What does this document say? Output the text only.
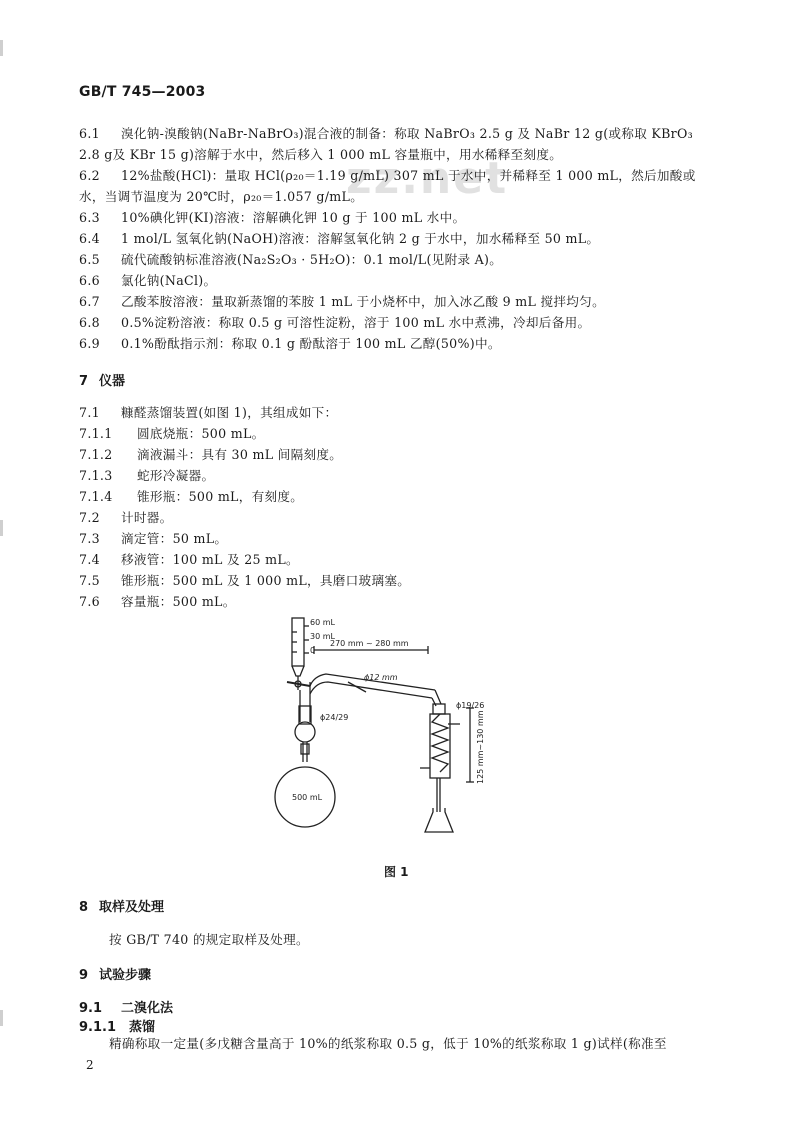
GB/T 745—2003
zz.net
6.1 溴化钠-溴酸钠(NaBr-NaBrO₃)混合液的制备：称取 NaBrO₃ 2.5 g 及 NaBr 12 g(或称取 KBrO₃
2.8 g及 KBr 15 g)溶解于水中，然后移入 1 000 mL 容量瓶中，用水稀释至刻度。
6.2 12%盐酸(HCl)：量取 HCl(ρ₂₀＝1.19 g/mL) 307 mL 于水中，并稀释至 1 000 mL，然后加酸或
水，当调节温度为 20℃时，ρ₂₀＝1.057 g/mL。
6.3 10%碘化钾(KI)溶液：溶解碘化钾 10 g 于 100 mL 水中。
6.4 1 mol/L 氢氧化钠(NaOH)溶液：溶解氢氧化钠 2 g 于水中，加水稀释至 50 mL。
6.5 硫代硫酸钠标准溶液(Na₂S₂O₃ · 5H₂O)：0.1 mol/L(见附录 A)。
6.6 氯化钠(NaCl)。
6.7 乙酸苯胺溶液：量取新蒸馏的苯胺 1 mL 于小烧杯中，加入冰乙酸 9 mL 搅拌均匀。
6.8 0.5%淀粉溶液：称取 0.5 g 可溶性淀粉，溶于 100 mL 水中煮沸，冷却后备用。
6.9 0.1%酚酞指示剂：称取 0.1 g 酚酞溶于 100 mL 乙醇(50%)中。
7 仪器
7.1 糠醛蒸馏装置(如图 1)，其组成如下：
7.1.1 圆底烧瓶：500 mL。
7.1.2 滴液漏斗：具有 30 mL 间隔刻度。
7.1.3 蛇形冷凝器。
7.1.4 锥形瓶：500 mL，有刻度。
7.2 计时器。
7.3 滴定管：50 mL。
7.4 移液管：100 mL 及 25 mL。
7.5 锥形瓶：500 mL 及 1 000 mL，具磨口玻璃塞。
7.6 容量瓶：500 mL。
60 mL
30 mL
0
270 mm ~ 280 mm
ϕ12 mm
ϕ24/29
ϕ19/26
500 mL
125 mm~130 mm
图 1
8 取样及处理
按 GB/T 740 的规定取样及处理。
9 试验步骤
9.1 二溴化法
9.1.1 蒸馏
精确称取一定量(多戊糖含量高于 10%的纸浆称取 0.5 g，低于 10%的纸浆称取 1 g)试样(称准至
2
